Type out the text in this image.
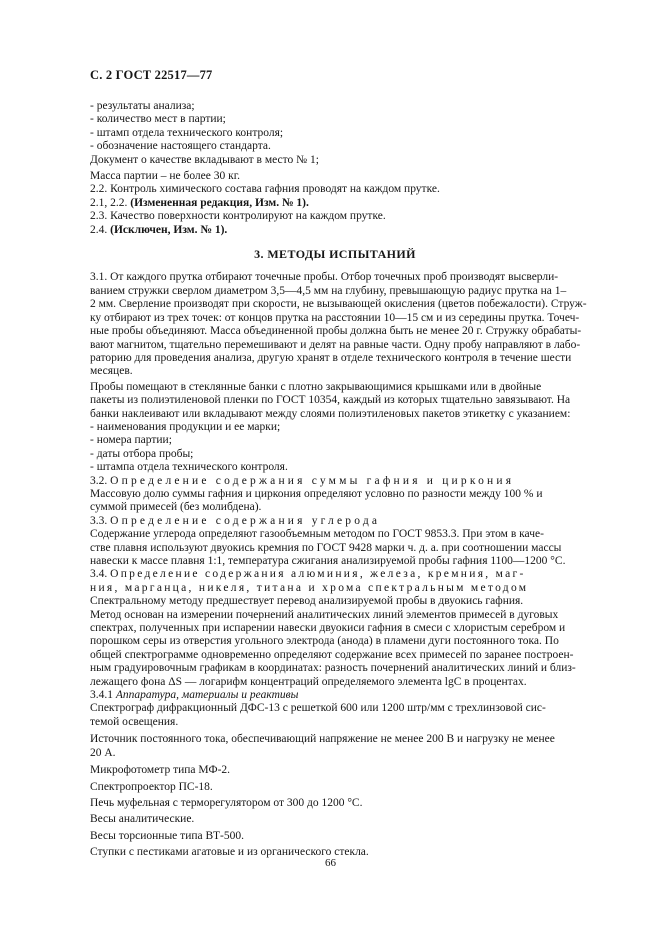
С. 2 ГОСТ 22517—77
- результаты анализа;
- количество мест в партии;
- штамп отдела технического контроля;
- обозначение настоящего стандарта.
Документ о качестве вкладывают в место № 1;
Масса партии – не более 30 кг.
2.2. Контроль химического состава гафния проводят на каждом прутке.
2.1, 2.2. (Измененная редакция, Изм. № 1).
2.3. Качество поверхности контролируют на каждом прутке.
2.4. (Исключен, Изм. № 1).
3. МЕТОДЫ ИСПЫТАНИЙ
3.1. От каждого прутка отбирают точечные пробы. Отбор точечных проб производят высверли-
ванием стружки сверлом диаметром 3,5—4,5 мм на глубину, превышающую радиус прутка на 1–
2 мм. Сверление производят при скорости, не вызывающей окисления (цветов побежалости). Струж-
ку отбирают из трех точек: от концов прутка на расстоянии 10—15 см и из середины прутка. Точеч-
ные пробы объединяют. Масса объединенной пробы должна быть не менее 20 г. Стружку обрабаты-
вают магнитом, тщательно перемешивают и делят на равные части. Одну пробу направляют в лабо-
раторию для проведения анализа, другую хранят в отделе технического контроля в течение шести
месяцев.
Пробы помещают в стеклянные банки с плотно закрывающимися крышками или в двойные
пакеты из полиэтиленовой пленки по ГОСТ 10354, каждый из которых тщательно завязывают. На
банки наклеивают или вкладывают между слоями полиэтиленовых пакетов этикетку с указанием:
- наименования продукции и ее марки;
- номера партии;
- даты отбора пробы;
- штампа отдела технического контроля.
3.2. Определение содержания суммы гафния и циркония
Массовую долю суммы гафния и циркония определяют условно по разности между 100 % и
суммой примесей (без молибдена).
3.3. Определение содержания углерода
Содержание углерода определяют газообъемным методом по ГОСТ 9853.3. При этом в каче-
стве плавня используют двуокись кремния по ГОСТ 9428 марки ч. д. а. при соотношении массы
навески к массе плавня 1:1, температура сжигания анализируемой пробы гафния 1100—1200 °С.
3.4. Определение содержания алюминия, железа, кремния, маг-
ния, марганца, никеля, титана и хрома спектральным методом
Спектральному методу предшествует перевод анализируемой пробы в двуокись гафния.
Метод основан на измерении почернений аналитических линий элементов примесей в дуговых
спектрах, полученных при испарении навески двуокиси гафния в смеси с хлористым серебром и
порошком серы из отверстия угольного электрода (анода) в пламени дуги постоянного тока. По
общей спектрограмме одновременно определяют содержание всех примесей по заранее построен-
ным градуировочным графикам в координатах: разность почернений аналитических линий и близ-
лежащего фона ΔS — логарифм концентраций определяемого элемента lgC в процентах.
3.4.1 Аппаратура, материалы и реактивы
Спектрограф дифракционный ДФС-13 с решеткой 600 или 1200 штр/мм с трехлинзовой сис-
темой освещения.
Источник постоянного тока, обеспечивающий напряжение не менее 200 В и нагрузку не менее
20 А.
Микрофотометр типа МФ-2.
Спектропроектор ПС-18.
Печь муфельная с терморегулятором от 300 до 1200 °С.
Весы аналитические.
Весы торсионные типа ВТ-500.
Ступки с пестиками агатовые и из органического стекла.
66
